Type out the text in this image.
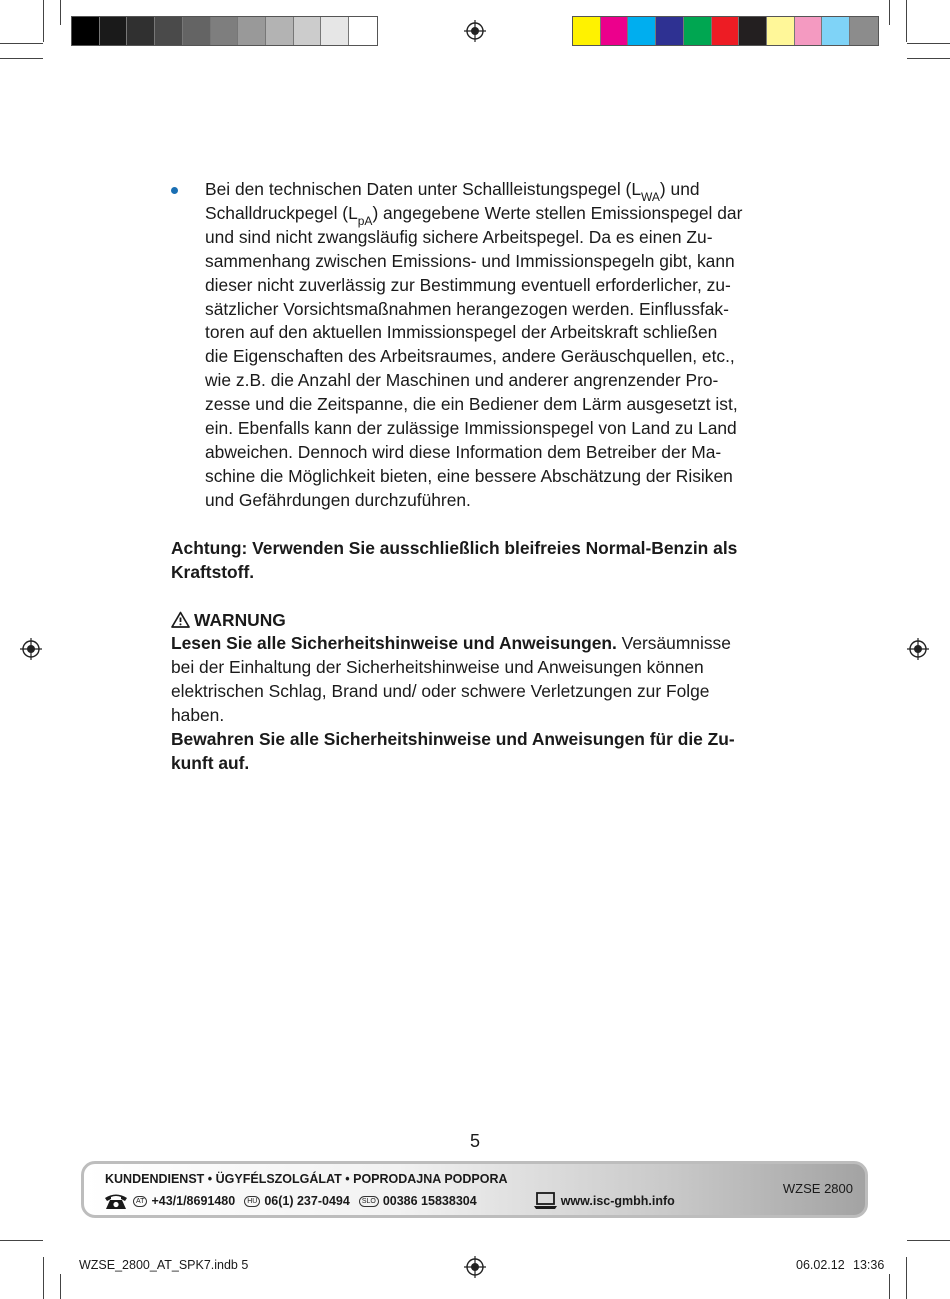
Bei den technischen Daten unter Schallleistungspegel $(L_{WA})$ und
Schalldruckpegel $(L_{pA})$ angegebene Werte stellen Emissionspegel dar
und sind nicht zwangsläufig sichere Arbeitspegel. Da es einen Zu-
sammenhang zwischen Emissions- und Immissionspegeln gibt, kann
dieser nicht zuverlässig zur Bestimmung eventuell erforderlicher, zu-
sätzlicher Vorsichtsmaßnahmen herangezogen werden. Einflussfak-
toren auf den aktuellen Immissionspegel der Arbeitskraft schließen
die Eigenschaften des Arbeitsraumes, andere Geräuschquellen, etc.,
wie z.B. die Anzahl der Maschinen und anderer angrenzender Pro-
zesse und die Zeitspanne, die ein Bediener dem Lärm ausgesetzt ist,
ein. Ebenfalls kann der zulässige Immissionspegel von Land zu Land
abweichen. Dennoch wird diese Information dem Betreiber der Ma-
schine die Möglichkeit bieten, eine bessere Abschätzung der Risiken
und Gefährdungen durchzuführen.
Achtung: Verwenden Sie ausschließlich bleifreies Normal-Benzin als
Kraftstoff.
WARNUNG
Lesen Sie alle Sicherheitshinweise und Anweisungen. Versäumnisse
bei der Einhaltung der Sicherheitshinweise und Anweisungen können
elektrischen Schlag, Brand und/ oder schwere Verletzungen zur Folge
haben.
Bewahren Sie alle Sicherheitshinweise und Anweisungen für die Zu-
kunft auf.
5
KUNDENDIENST • ÜGYFÉLSZOLGÁLAT • POPRODAJNA PODPORA
AT +43/1/8691480	HU 06(1) 237-0494	SLO 00386 15838304	www.isc-gmbh.info
WZSE 2800
WZSE_2800_AT_SPK7.indb 5	06.02.12 13:36
